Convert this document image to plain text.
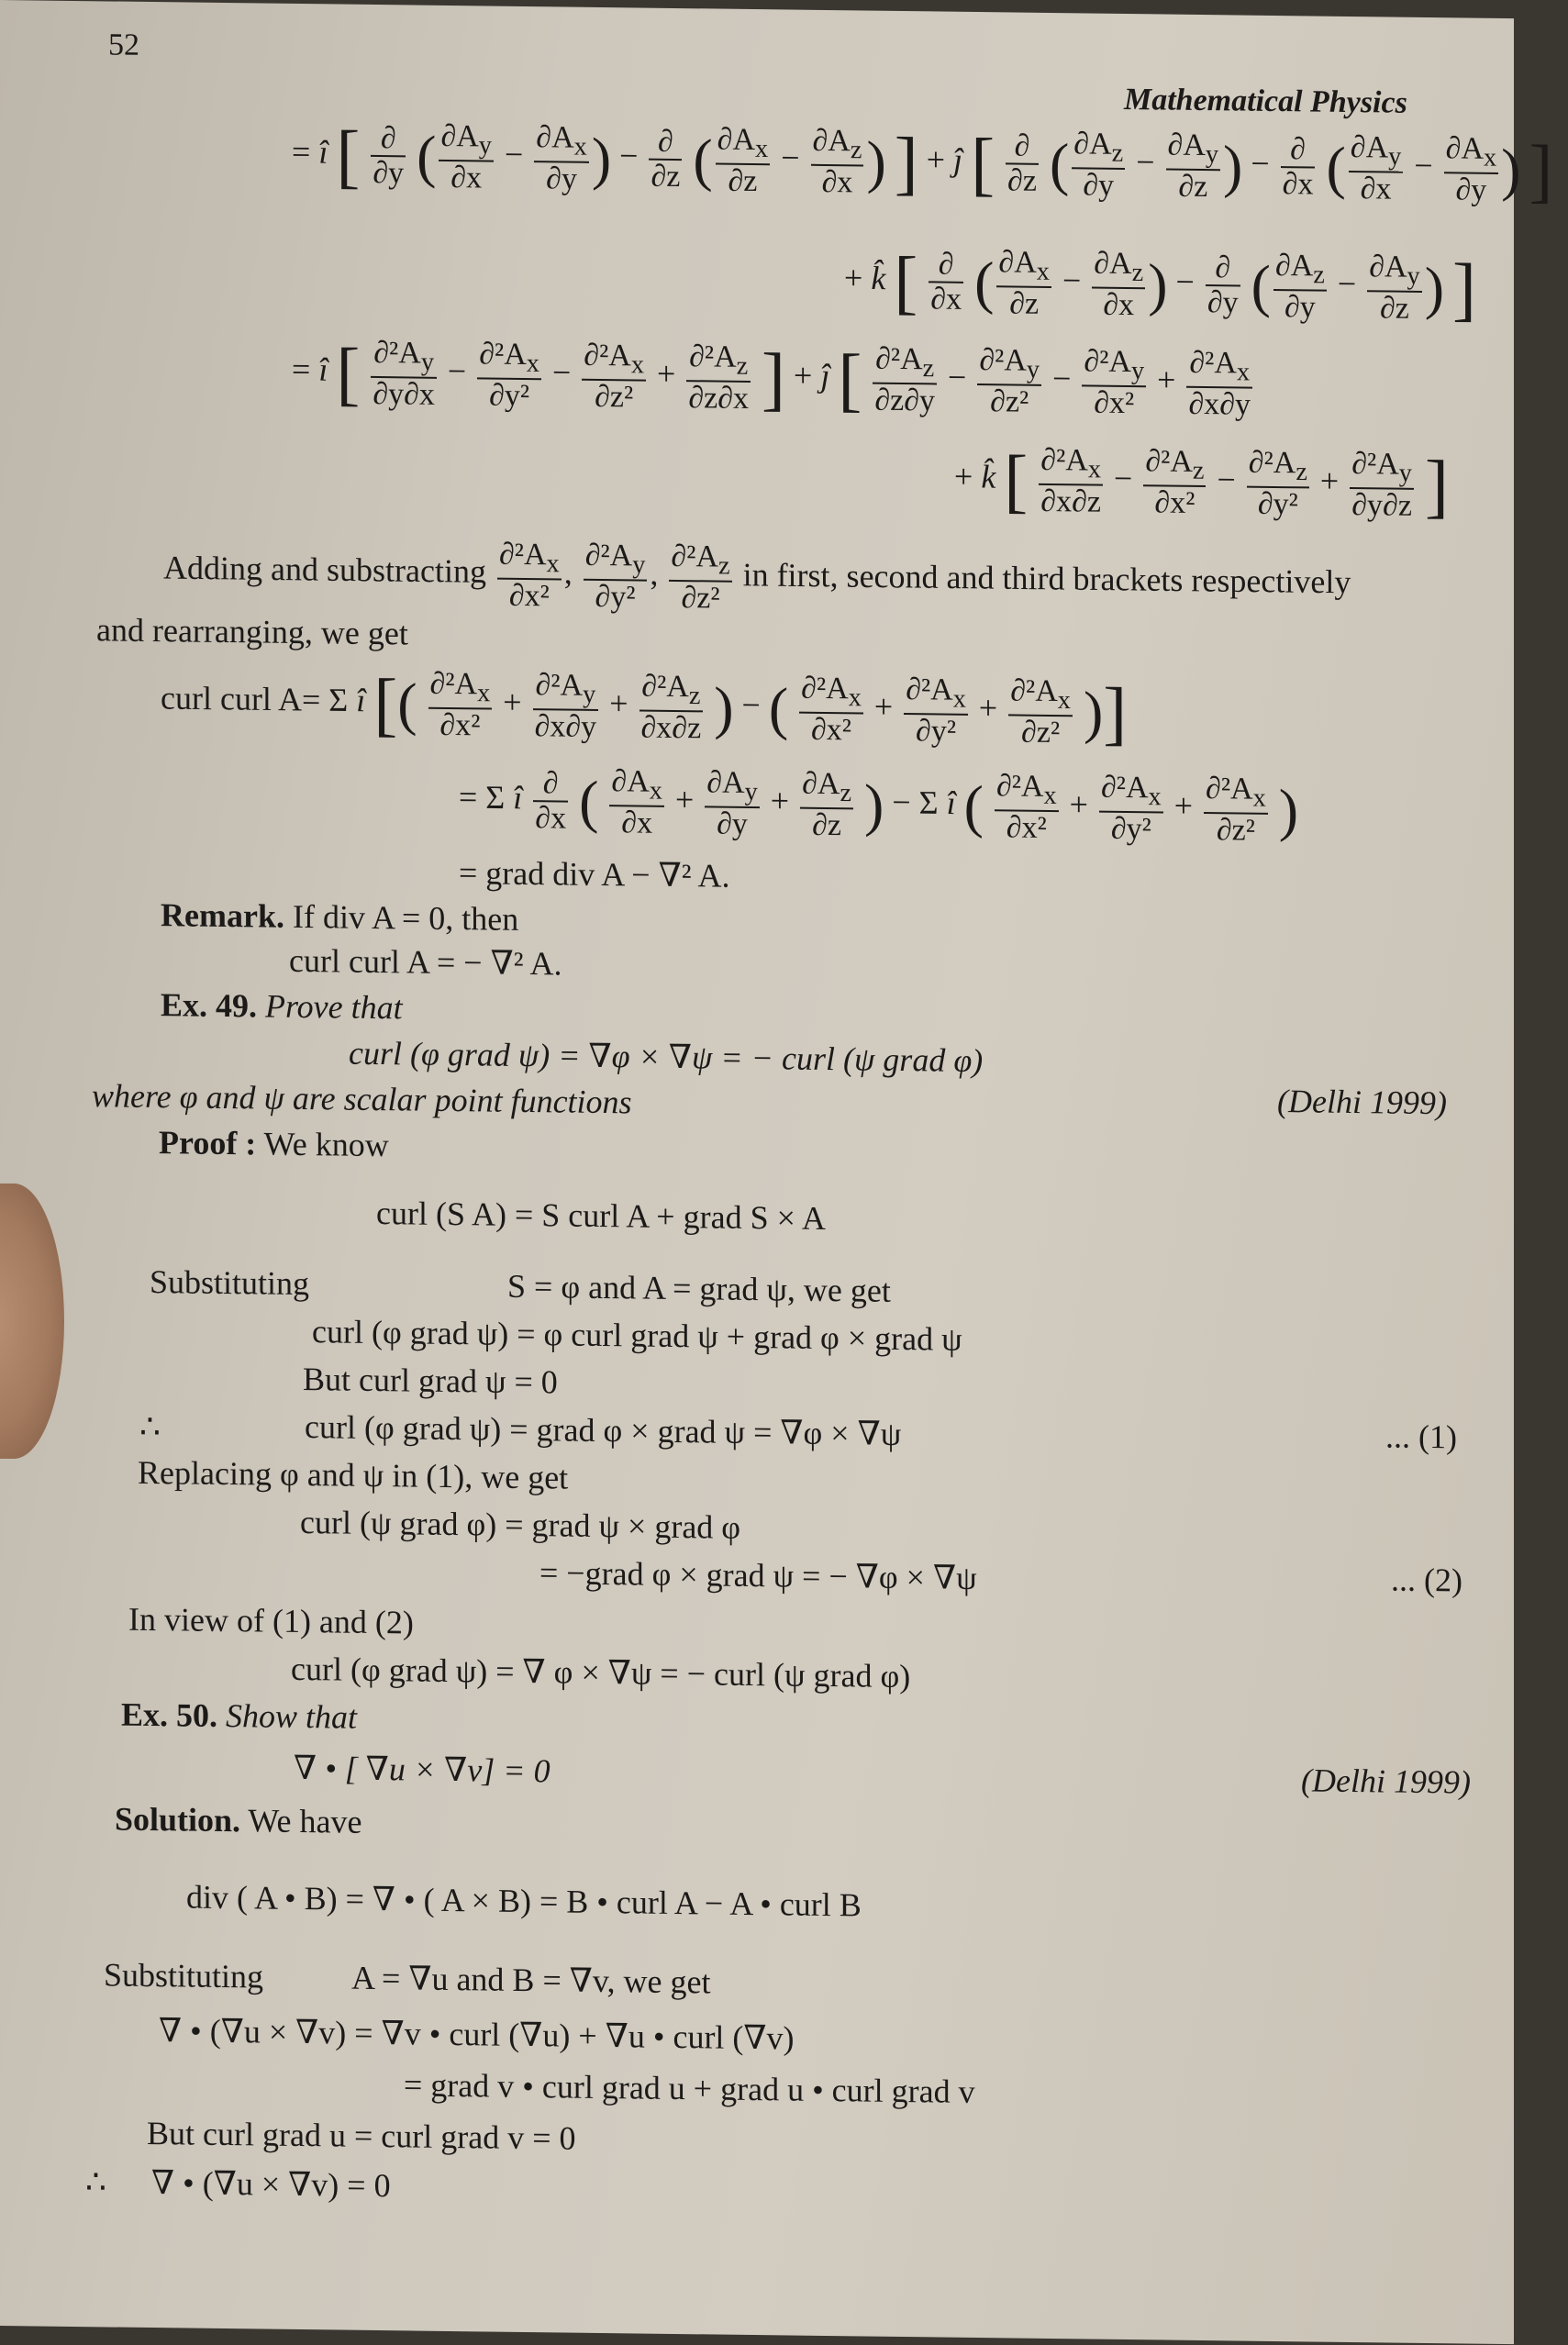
52
Mathematical Physics
= î [ $\frac{\partial}{\partial y}$ ( $\frac{\partial A_y}{\partial x} - \frac{\partial A_x}{\partial y}$ ) − $\frac{\partial}{\partial z}$ ( $\frac{\partial A_x}{\partial z} - \frac{\partial A_z}{\partial x}$ ) ] + ĵ [ $\frac{\partial}{\partial z}$ ( $\frac{\partial A_z}{\partial y} - \frac{\partial A_y}{\partial z}$ ) − $\frac{\partial}{\partial x}$ ( $\frac{\partial A_y}{\partial x} - \frac{\partial A_x}{\partial y}$ ) ]
+ k̂ [ $\frac{\partial}{\partial x}$ ( $\frac{\partial A_x}{\partial z} - \frac{\partial A_z}{\partial x}$ ) − $\frac{\partial}{\partial y}$ ( $\frac{\partial A_z}{\partial y} - \frac{\partial A_y}{\partial z}$ ) ]
= î [ $\frac{\partial^2A_y}{\partial y\partial x} - \frac{\partial^2A_x}{\text{∂y²}} - \frac{\partial^2A_x}{\text{∂z²}} + \frac{\partial^2A_z}{\partial z\partial x}$ ] + ĵ [ $\frac{\partial^2A_z}{\partial z\partial y} - \frac{\partial^2A_y}{\text{∂z²}} - \frac{\partial^2A_y}{\text{∂x²}} + \frac{\partial^2A_x}{\partial x\partial y}$
+ k̂ [ $\frac{\partial^2A_x}{\partial x\partial z} - \frac{\partial^2A_z}{\text{∂x²}} - \frac{\partial^2A_z}{\text{∂y²}} + \frac{\partial^2A_y}{\partial y\partial z}$ ]
Adding and substracting $\frac{\partial^2A_x}{\text{∂x²}}$ , $\frac{\partial^2A_y}{\text{∂y²}}$ , $\frac{\partial^2A_z}{\text{∂z²}}$ in first, second and third brackets respectively
and rearranging, we get
curl curl A= Σ î [( $\frac{\partial^2A_x}{\text{∂x²}} + \frac{\partial^2A_y}{\partial x\partial y} + \frac{\partial^2A_z}{\partial x\partial z}$ ) − ( $\frac{\partial^2A_x}{\text{∂x²}} + \frac{\partial^2A_x}{\text{∂y²}} + \frac{\partial^2A_x}{\text{∂z²}}$ )]
= Σ î $\frac{\partial}{\partial x}$ ( $\frac{\partial A_x}{\partial x} + \frac{\partial A_y}{\partial y} + \frac{\partial A_z}{\partial z}$ ) − Σ î ( $\frac{\partial^2A_x}{\text{∂x²}} + \frac{\partial^2A_x}{\text{∂y²}} + \frac{\partial^2A_x}{\text{∂z²}}$ )
= grad div A − ∇² A.
Remark. If div A = 0, then
curl curl A = − ∇² A.
Ex. 49. Prove that
curl (φ grad ψ) = ∇φ × ∇ψ = − curl (ψ grad φ)
where φ and ψ are scalar point functions	(Delhi 1999)
Proof : We know
curl (S A) = S curl A + grad S × A
Substituting	S = φ and A = grad ψ, we get
curl (φ grad ψ) = φ curl grad ψ + grad φ × grad ψ
But curl grad ψ = 0
∴	curl (φ grad ψ) = grad φ × grad ψ = ∇φ × ∇ψ	... (1)
Replacing φ and ψ in (1), we get
curl (ψ grad φ) = grad ψ × grad φ
= −grad φ × grad ψ = − ∇φ × ∇ψ	... (2)
In view of (1) and (2)
curl (φ grad ψ) = ∇ φ × ∇ψ = − curl (ψ grad φ)
Ex. 50. Show that
∇ • [ ∇u × ∇v] = 0	(Delhi 1999)
Solution. We have
div ( A • B) = ∇ • ( A × B) = B • curl A − A • curl B
Substituting	A = ∇u and B = ∇v, we get
∇ • (∇u × ∇v) = ∇v • curl (∇u) + ∇u • curl (∇v)
= grad v • curl grad u + grad u • curl grad v
But curl grad u = curl grad v = 0
∴ ∇ • (∇u × ∇v) = 0
